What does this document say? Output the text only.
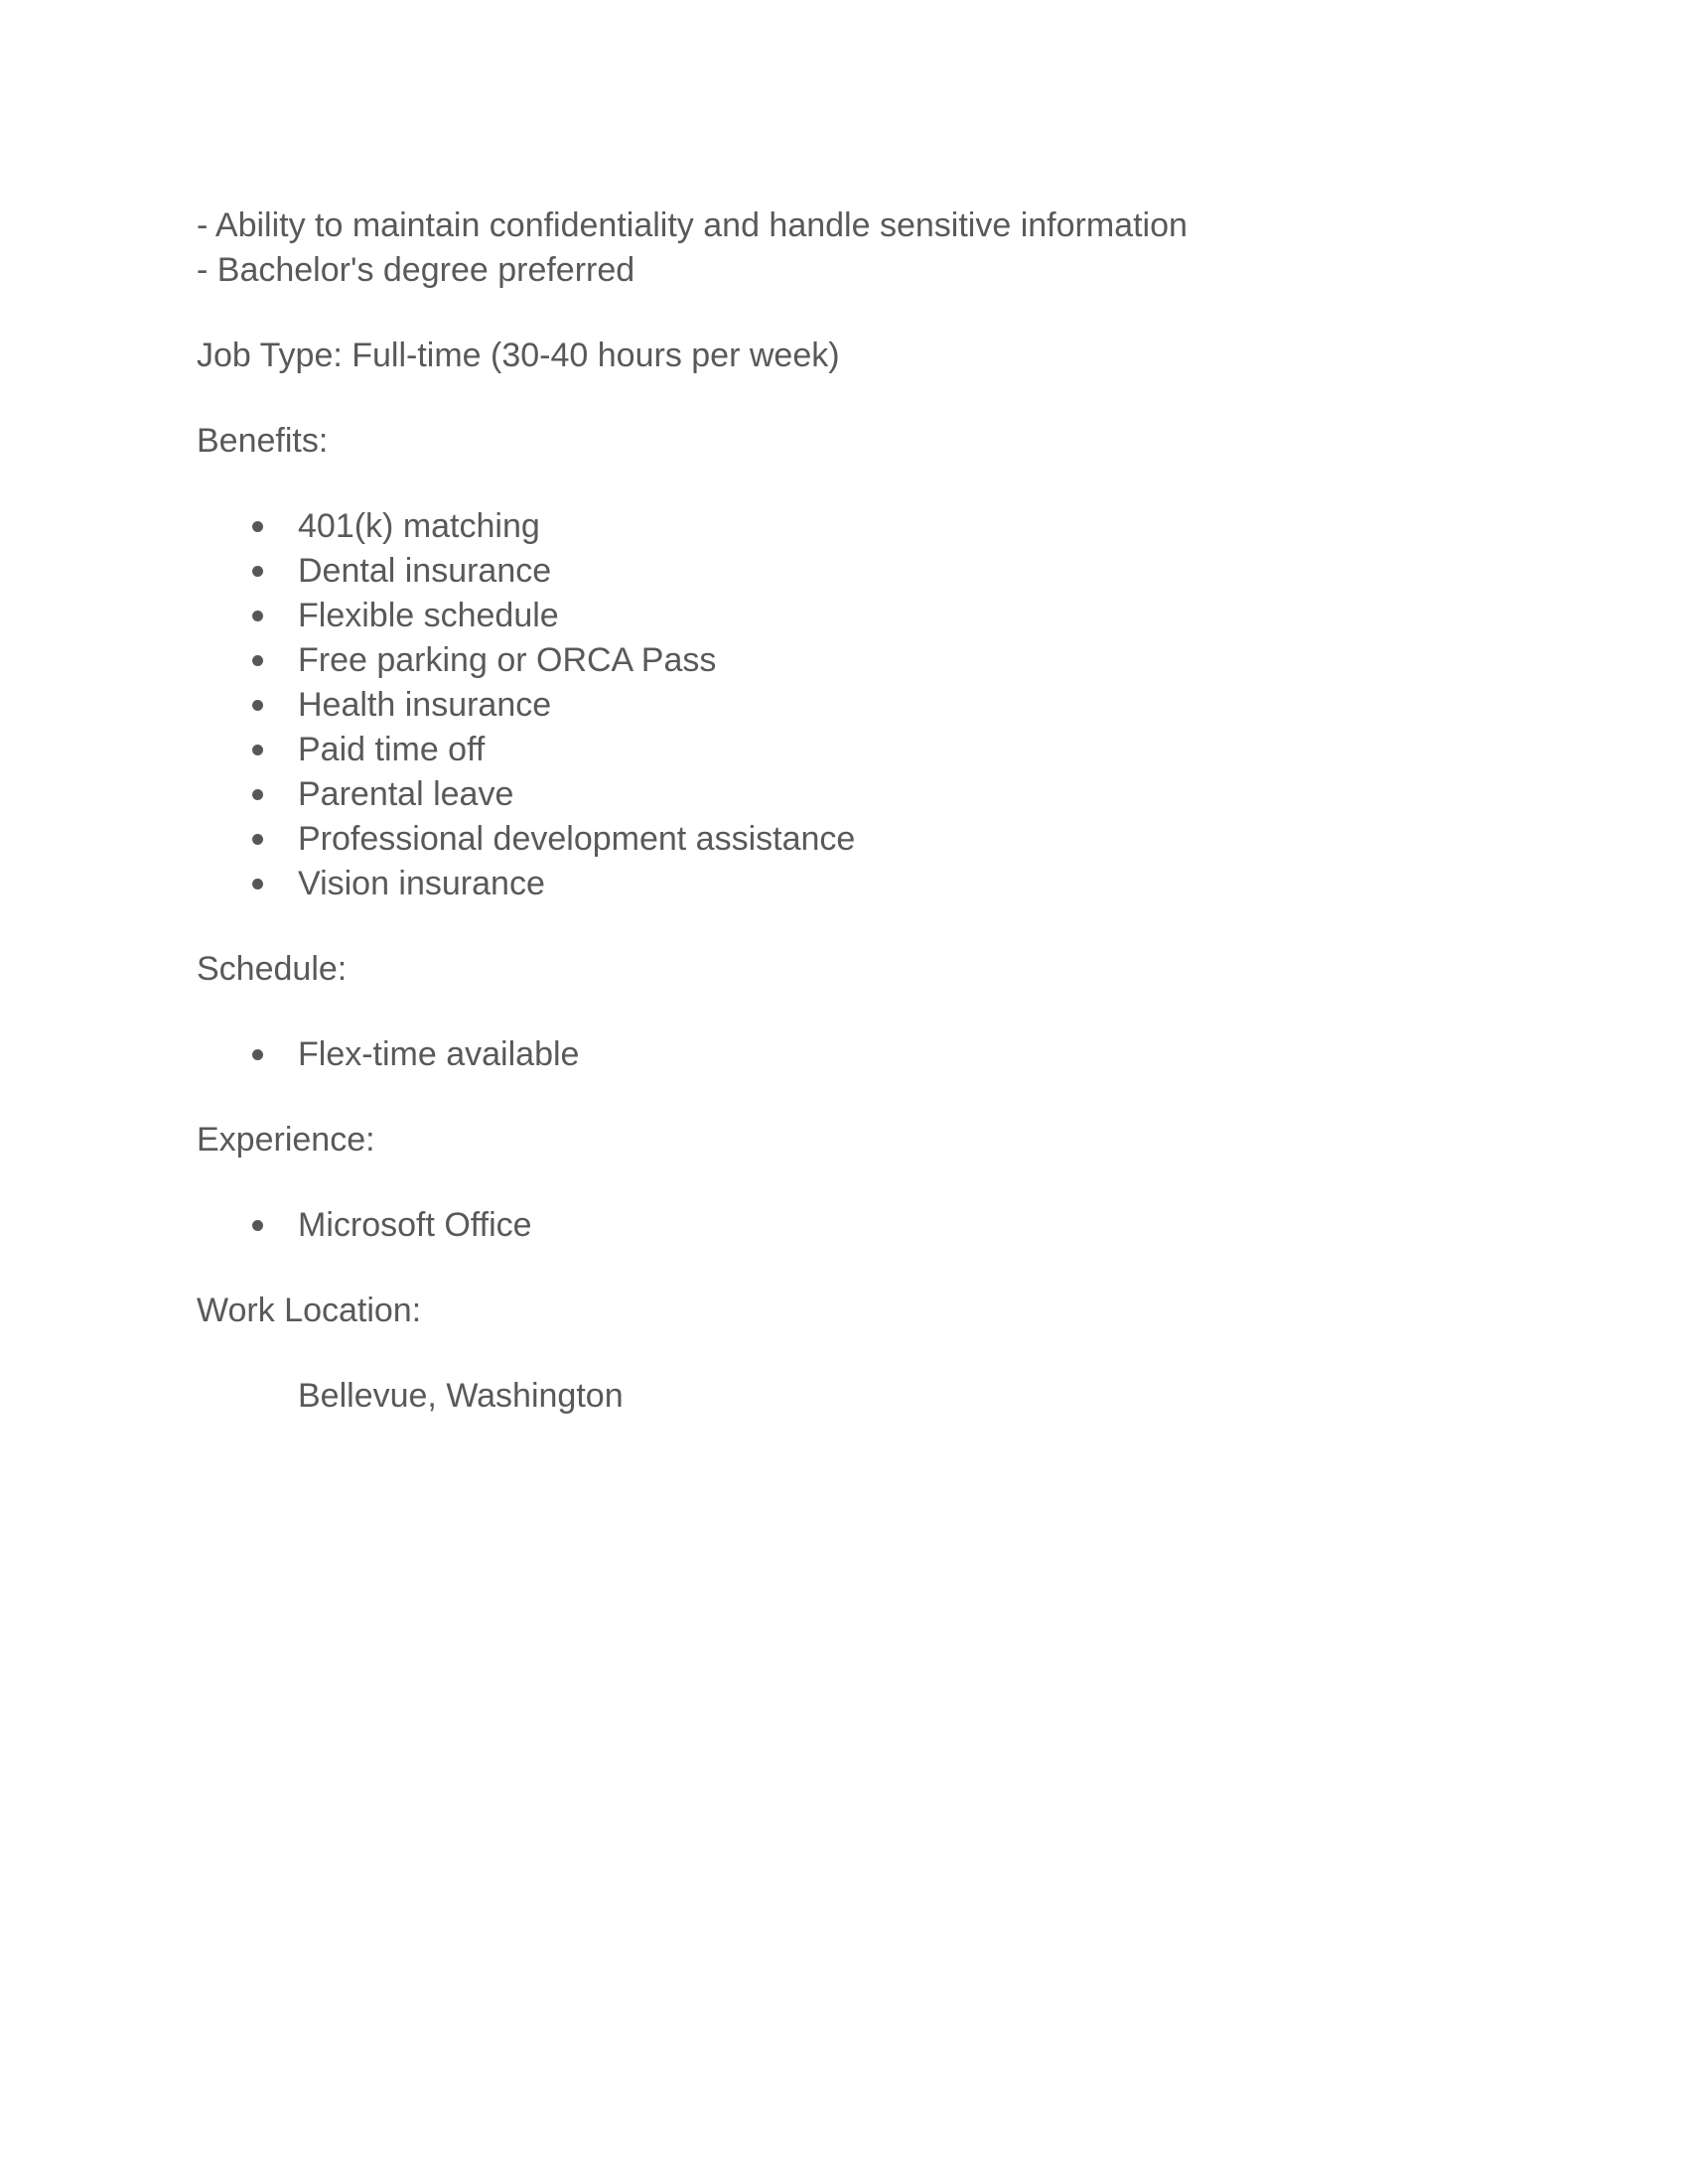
- Ability to maintain confidentiality and handle sensitive information
- Bachelor's degree preferred
Job Type: Full-time (30-40 hours per week)
Benefits:
401(k) matching
Dental insurance
Flexible schedule
Free parking or ORCA Pass
Health insurance
Paid time off
Parental leave
Professional development assistance
Vision insurance
Schedule:
Flex-time available
Experience:
Microsoft Office
Work Location:
Bellevue, Washington
